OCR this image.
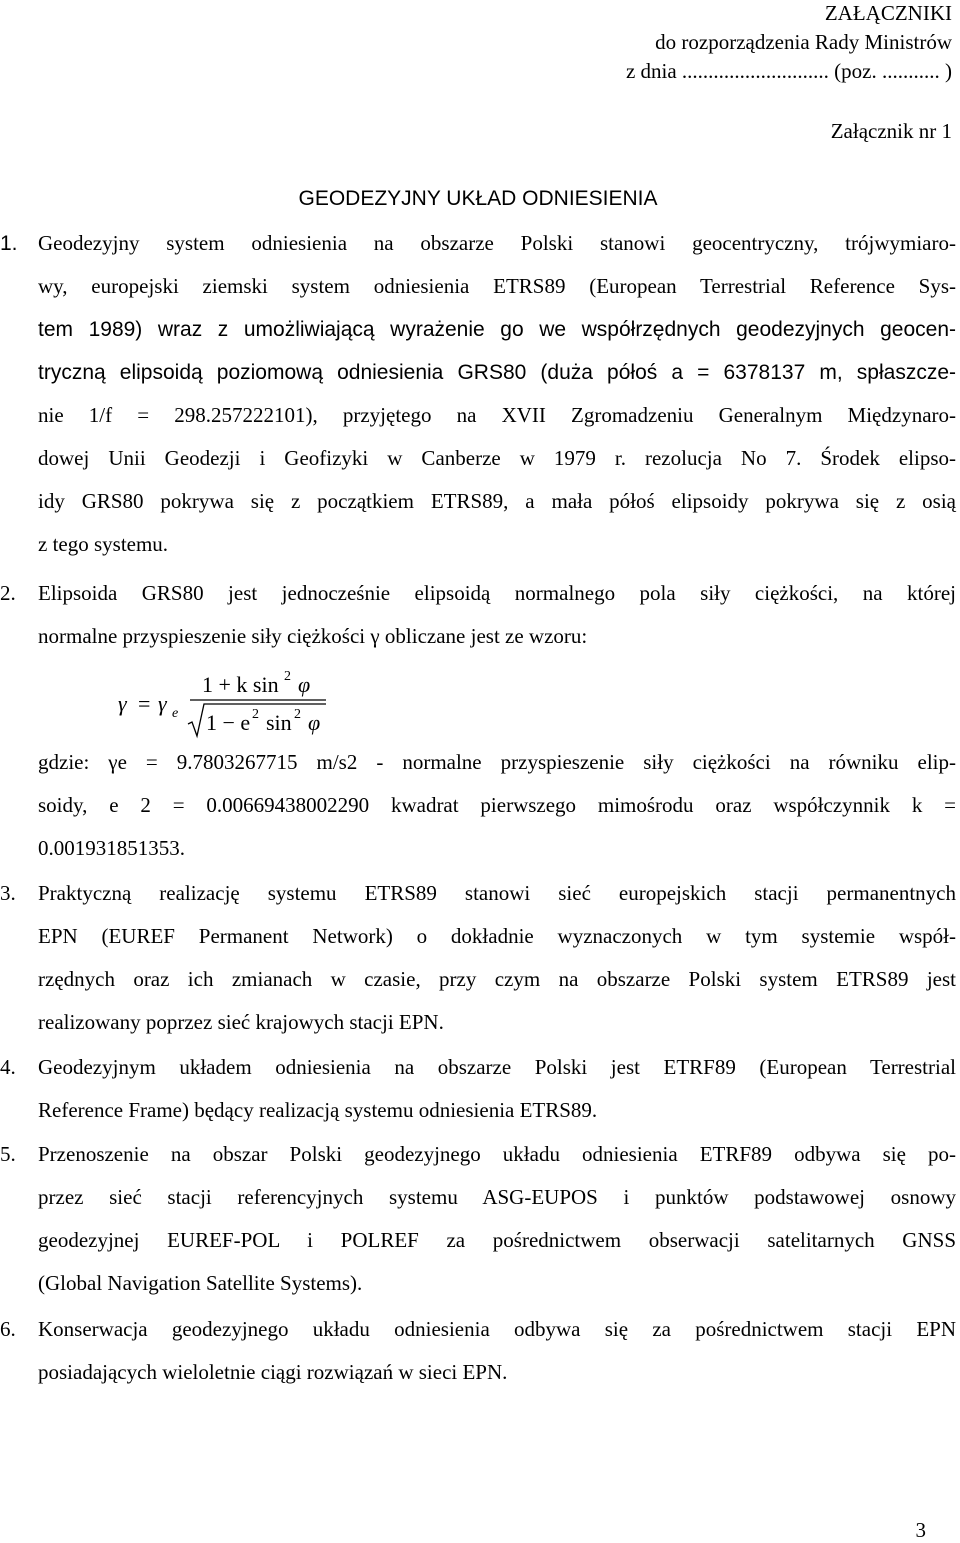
ZAŁĄCZNIKI
do rozporządzenia Rady Ministrów
z dnia ............................ (poz. ........... )
Załącznik nr 1
GEODEZYJNY UKŁAD ODNIESIENIA
1. Geodezyjny system odniesienia na obszarze Polski stanowi geocentryczny, trójwymiaro-
wy, europejski ziemski system odniesienia ETRS89 (European Terrestrial Reference Sys-
tem 1989) wraz z umożliwiającą wyrażenie go we współrzędnych geodezyjnych geocen-
tryczną elipsoidą poziomową odniesienia GRS80 (duża półoś a = 6378137 m, spłaszcze-
nie 1/f = 298.257222101), przyjętego na XVII Zgromadzeniu Generalnym Międzynaro-
dowej Unii Geodezji i Geofizyki w Canberze w 1979 r. rezolucja No 7. Środek elipso-
idy GRS80 pokrywa się z początkiem ETRS89, a mała półoś elipsoidy pokrywa się z osią
z tego systemu.
2.	Elipsoida GRS80 jest jednocześnie elipsoidą normalnego pola siły ciężkości, na której
normalne przyspieszenie siły ciężkości γ obliczane jest ze wzoru:
γ = γ e
1 + k sin 2 φ
1 − e 2 sin 2 φ
gdzie: γe = 9.7803267715 m/s2 - normalne przyspieszenie siły ciężkości na równiku elip-
soidy, e 2 = 0.00669438002290 kwadrat pierwszego mimośrodu oraz współczynnik k =
0.001931851353.
3.	Praktyczną realizację systemu ETRS89 stanowi sieć europejskich stacji permanentnych
EPN (EUREF Permanent Network) o dokładnie wyznaczonych w tym systemie współ-
rzędnych oraz ich zmianach w czasie, przy czym na obszarze Polski system ETRS89 jest
realizowany poprzez sieć krajowych stacji EPN.
4.	Geodezyjnym układem odniesienia na obszarze Polski jest ETRF89 (European Terrestrial
Reference Frame) będący realizacją systemu odniesienia ETRS89.
5.	Przenoszenie na obszar Polski geodezyjnego układu odniesienia ETRF89 odbywa się po-
przez sieć stacji referencyjnych systemu ASG-EUPOS i punktów podstawowej osnowy
geodezyjnej EUREF-POL i POLREF za pośrednictwem obserwacji satelitarnych GNSS
(Global Navigation Satellite Systems).
6.	Konserwacja geodezyjnego układu odniesienia odbywa się za pośrednictwem stacji EPN
posiadających wieloletnie ciągi rozwiązań w sieci EPN.
3
